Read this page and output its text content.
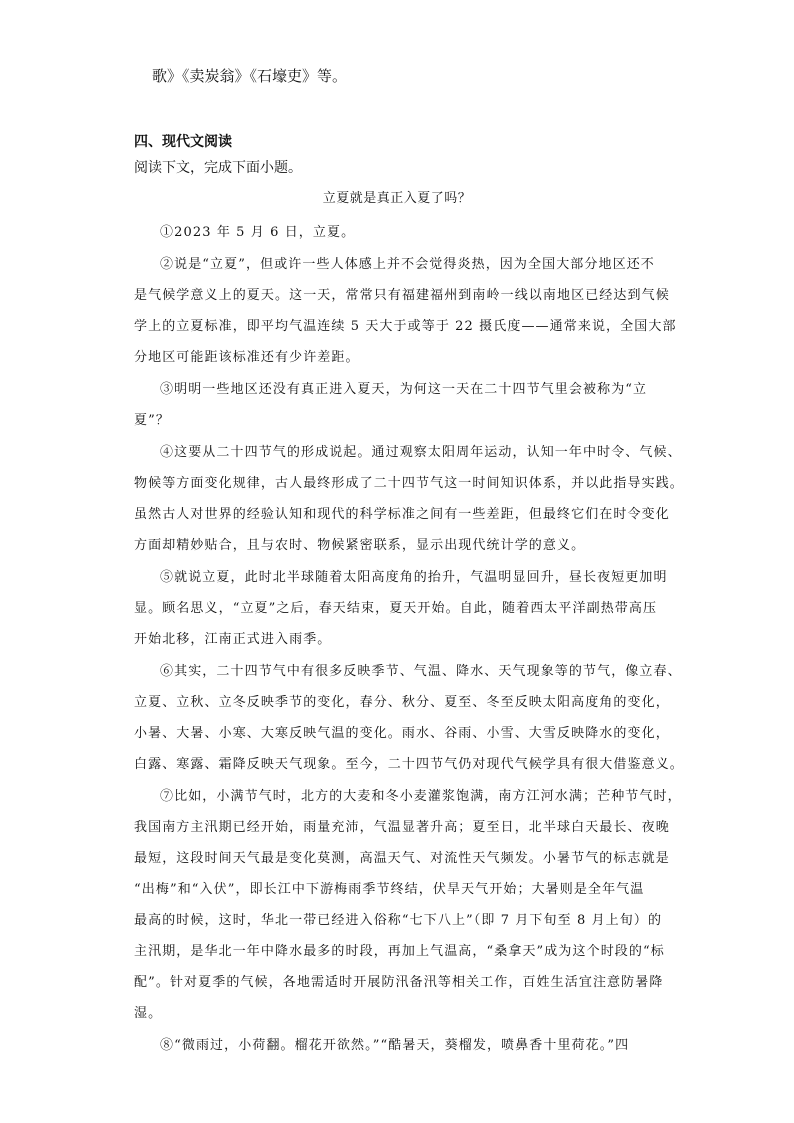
歌》《卖炭翁》《石壕吏》等。
四、现代文阅读
阅读下文，完成下面小题。
立夏就是真正入夏了吗？
①2023 年 5 月 6 日，立夏。
②说是“立夏”，但或许一些人体感上并不会觉得炎热，因为全国大部分地区还不
是气候学意义上的夏天。这一天，常常只有福建福州到南岭一线以南地区已经达到气候
学上的立夏标准，即平均气温连续 5 天大于或等于 22 摄氏度——通常来说，全国大部
分地区可能距该标准还有少许差距。
③明明一些地区还没有真正进入夏天，为何这一天在二十四节气里会被称为“立
夏”？
④这要从二十四节气的形成说起。通过观察太阳周年运动，认知一年中时令、气候、
物候等方面变化规律，古人最终形成了二十四节气这一时间知识体系，并以此指导实践。
虽然古人对世界的经验认知和现代的科学标准之间有一些差距，但最终它们在时令变化
方面却精妙贴合，且与农时、物候紧密联系，显示出现代统计学的意义。
⑤就说立夏，此时北半球随着太阳高度角的抬升，气温明显回升，昼长夜短更加明
显。顾名思义，“立夏”之后，春天结束，夏天开始。自此，随着西太平洋副热带高压
开始北移，江南正式进入雨季。
⑥其实，二十四节气中有很多反映季节、气温、降水、天气现象等的节气，像立春、
立夏、立秋、立冬反映季节的变化，春分、秋分、夏至、冬至反映太阳高度角的变化，
小暑、大暑、小寒、大寒反映气温的变化。雨水、谷雨、小雪、大雪反映降水的变化，
白露、寒露、霜降反映天气现象。至今，二十四节气仍对现代气候学具有很大借鉴意义。
⑦比如，小满节气时，北方的大麦和冬小麦灌浆饱满，南方江河水满；芒种节气时，
我国南方主汛期已经开始，雨量充沛，气温显著升高；夏至日，北半球白天最长、夜晚
最短，这段时间天气最是变化莫测，高温天气、对流性天气频发。小暑节气的标志就是
“出梅”和“入伏”，即长江中下游梅雨季节终结，伏旱天气开始；大暑则是全年气温
最高的时候，这时，华北一带已经进入俗称“七下八上”（即 7 月下旬至 8 月上旬）的
主汛期，是华北一年中降水最多的时段，再加上气温高，“桑拿天”成为这个时段的“标
配”。针对夏季的气候，各地需适时开展防汛备汛等相关工作，百姓生活宜注意防暑降
湿。
⑧“微雨过，小荷翻。榴花开欲然。”“酷暑天，葵榴发，喷鼻香十里荷花。”四
